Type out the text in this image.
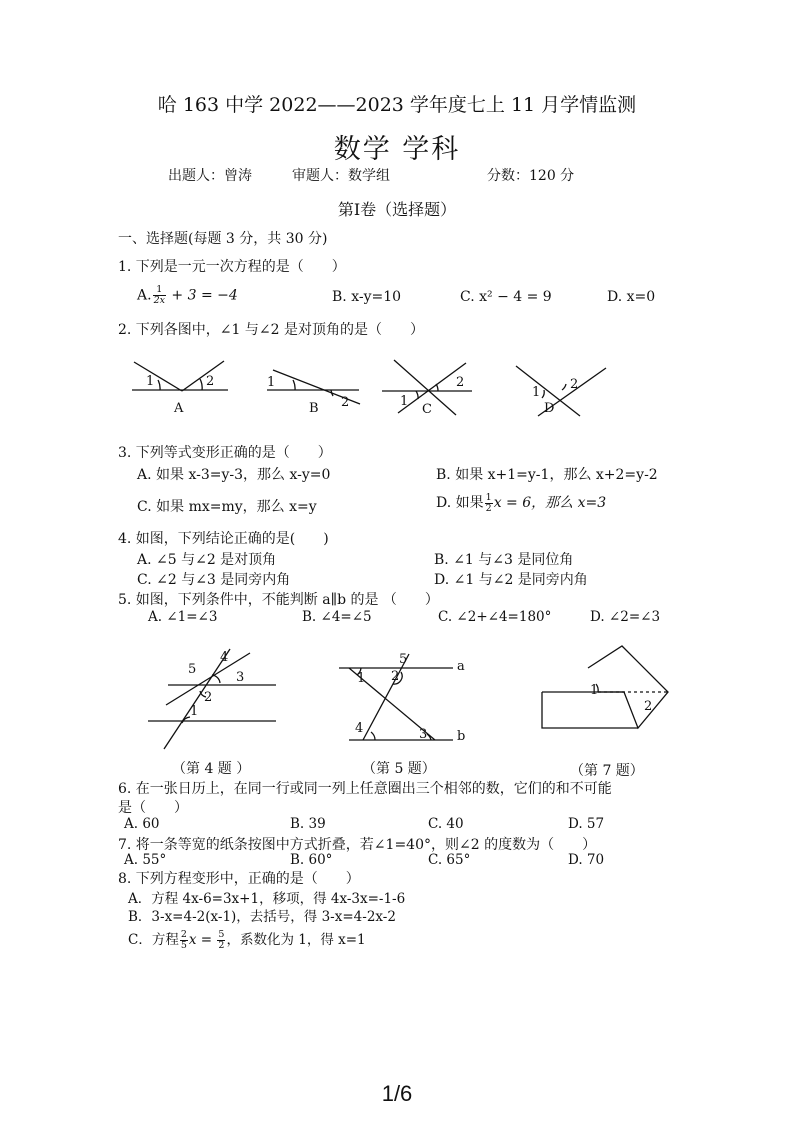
哈 163 中学 2022——2023 学年度七上 11 月学情监测
数学 学科
出题人：曾涛	审题人：数学组	分数：120 分
第Ⅰ卷（选择题）
一、选择题(每题 3 分，共 30 分)
1. 下列是一元一次方程的是（　　）
A. $\frac{1}{2x} + 3 = -4$	B. x-y=10	C. x² − 4 = 9	D. x=0
2. 下列各图中，∠1 与∠2 是对顶角的是（　　）
1	2
A
1
2
B
2
1
C
1
2
D
3. 下列等式变形正确的是（　　）
A. 如果 x-3=y-3，那么 x-y=0	B. 如果 x+1=y-1，那么 x+2=y-2
C. 如果 mx=my，那么 x=y	D. 如果 $\frac{1}{2}$ x = 6，那么 x=3
4. 如图，下列结论正确的是(　　)
A. ∠5 与∠2 是对顶角	B. ∠1 与∠3 是同位角
C. ∠2 与∠3 是同旁内角	D. ∠1 与∠2 是同旁内角
5. 如图，下列条件中，不能判断 a∥b 的是 （　　）
A. ∠1=∠3	B. ∠4=∠5	C. ∠2+∠4=180°	D. ∠2=∠3
5
4
3
2
1
5
1 2
4	3
a
b
1
2
（第 4 题 ）	（第 5 题）	（第 7 题）
6. 在一张日历上，在同一行或同一列上任意圈出三个相邻的数，它们的和不可能
是（　　）
A. 60	B. 39	C. 40	D. 57
7. 将一条等宽的纸条按图中方式折叠，若∠1=40°，则∠2 的度数为（　　）
A. 55°	B. 60°	C. 65°	D. 70
8. 下列方程变形中，正确的是（　　）
A．方程 4x-6=3x+1，移项，得 4x-3x=-1-6
B．3-x=4-2(x-1)，去括号，得 3-x=4-2x-2
C．方程 $\frac{2}{5}$ $x = \frac{5}{2}$ ，系数化为 1，得 x=1
1/6
